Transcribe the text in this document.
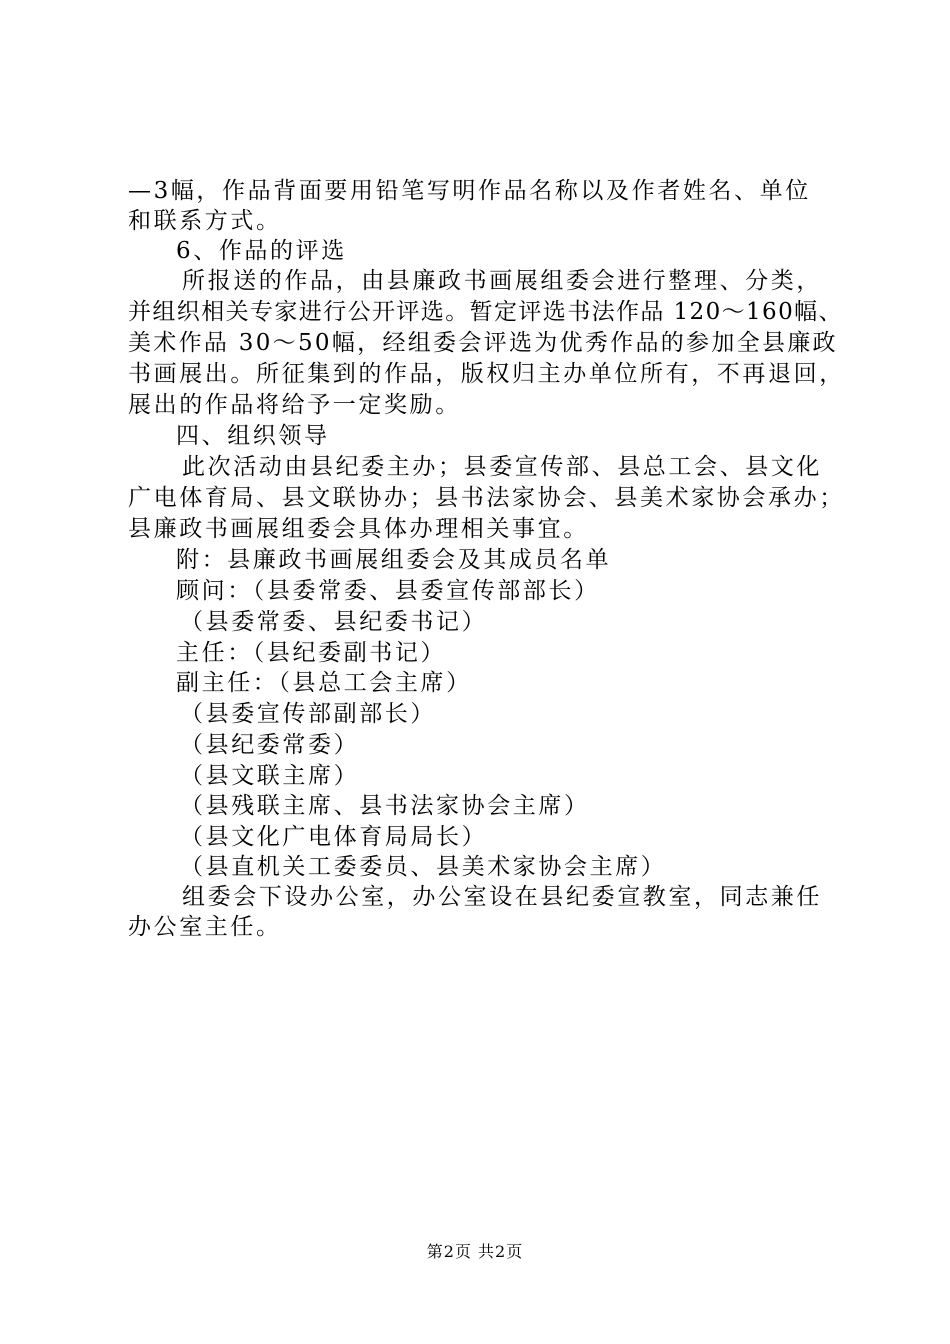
—3幅，作品背面要用铅笔写明作品名称以及作者姓名、单位
和联系方式。
6、作品的评选
所报送的作品，由县廉政书画展组委会进行整理、分类，
并组织相关专家进行公开评选。暂定评选书法作品 120～160幅、
美术作品 30～50幅，经组委会评选为优秀作品的参加全县廉政
书画展出。所征集到的作品，版权归主办单位所有，不再退回，
展出的作品将给予一定奖励。
四、组织领导
此次活动由县纪委主办；县委宣传部、县总工会、县文化
广电体育局、县文联协办；县书法家协会、县美术家协会承办；
县廉政书画展组委会具体办理相关事宜。
附：县廉政书画展组委会及其成员名单
顾问：（县委常委、县委宣传部部长）
（县委常委、县纪委书记）
主任：（县纪委副书记）
副主任：（县总工会主席）
（县委宣传部副部长）
（县纪委常委）
（县文联主席）
（县残联主席、县书法家协会主席）
（县文化广电体育局局长）
（县直机关工委委员、县美术家协会主席）
组委会下设办公室，办公室设在县纪委宣教室，同志兼任
办公室主任。
第2页 共2页
